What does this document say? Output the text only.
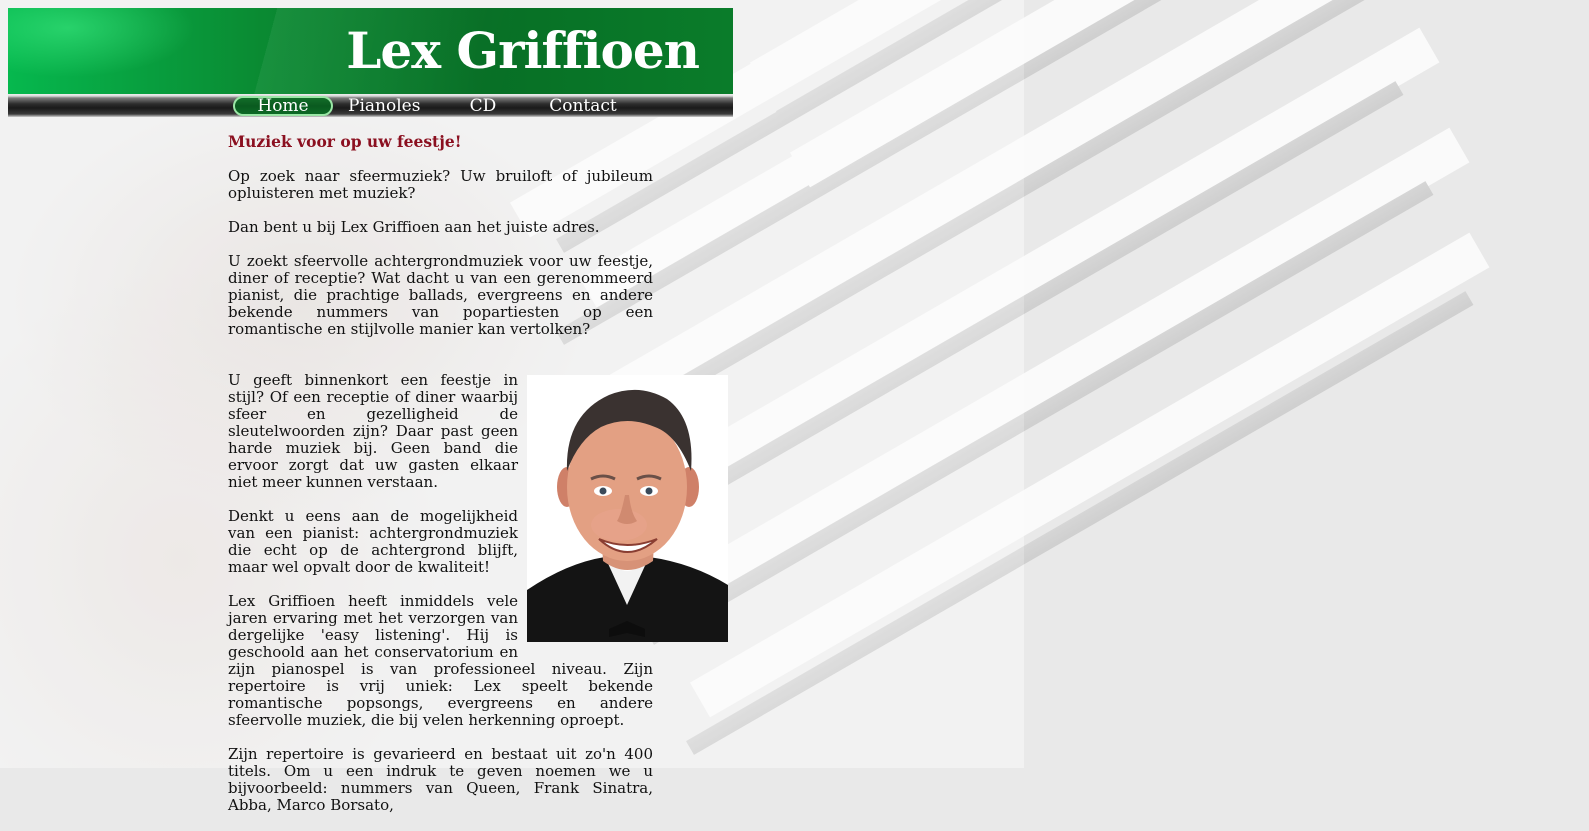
Lex Griffioen
Home	Pianoles	CD	Contact
Muziek voor op uw feestje!

Op zoek naar sfeermuziek? Uw bruiloft of jubileum opluisteren met muziek?

Dan bent u bij Lex Griffioen aan het juiste adres.

U zoekt sfeervolle achtergrondmuziek voor uw feestje, diner of receptie? Wat dacht u van een gerenommeerd pianist, die prachtige ballads, evergreens en andere bekende nummers van popartiesten op een romantische en stijlvolle manier kan vertolken?

U geeft binnenkort een feestje in stijl? Of een receptie of diner waarbij sfeer en gezelligheid de sleutelwoorden zijn? Daar past geen harde muziek bij. Geen band die ervoor zorgt dat uw gasten elkaar niet meer kunnen verstaan.

Denkt u eens aan de mogelijkheid van een pianist: achtergrondmuziek die echt op de achtergrond blijft, maar wel opvalt door de kwaliteit!

Lex Griffioen heeft inmiddels vele jaren ervaring met het verzorgen van dergelijke 'easy listening'. Hij is geschoold aan het conservatorium en zijn pianospel is van professioneel niveau. Zijn repertoire is vrij uniek: Lex speelt bekende romantische popsongs, evergreens en andere sfeervolle muziek, die bij velen herkenning oproept.

Zijn repertoire is gevarieerd en bestaat uit zo'n 400 titels. Om u een indruk te geven noemen we u bijvoorbeeld: nummers van Queen, Frank Sinatra, Abba, Marco Borsato,
